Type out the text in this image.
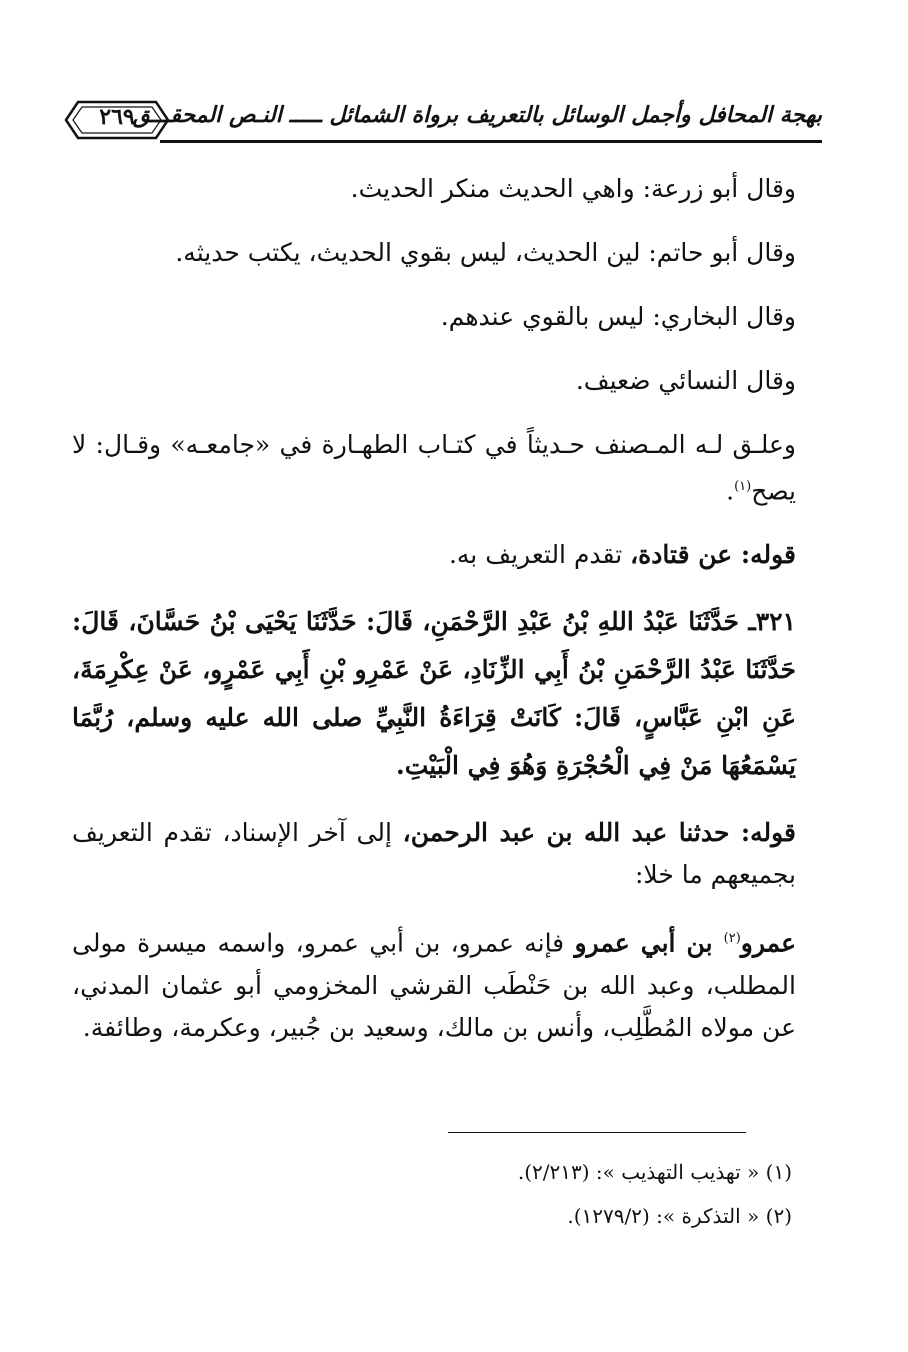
٢٦٩
بهجة المحافل وأجمل الوسائل بالتعريف برواة الشمائل ـــــ النـص المحقـــق

وقال أبو زرعة: واهي الحديث منكر الحديث.

وقال أبو حاتم: لين الحديث، ليس بقوي الحديث، يكتب حديثه.

وقال البخاري: ليس بالقوي عندهم.

وقال النسائي ضعيف.

وعلـق لـه المـصنف حـديثاً في كتـاب الطهـارة في «جامعـه» وقـال: لا يصح$^{(١)}$.

قوله: عن قتادة، تقدم التعريف به.

٣٢١ـ حَدَّثَنَا عَبْدُ اللهِ بْنُ عَبْدِ الرَّحْمَنِ، قَالَ: حَدَّثَنَا يَحْيَى بْنُ حَسَّانَ، قَالَ: حَدَّثَنَا عَبْدُ الرَّحْمَنِ بْنُ أَبِي الزِّنَادِ، عَنْ عَمْرِو بْنِ أَبِي عَمْرٍو، عَنْ عِكْرِمَةَ، عَنِ ابْنِ عَبَّاسٍ، قَالَ: كَانَتْ قِرَاءَةُ النَّبِيِّ صلى الله عليه وسلم، رُبَّمَا يَسْمَعُهَا مَنْ فِي الْحُجْرَةِ وَهُوَ فِي الْبَيْتِ.

قوله: حدثنا عبد الله بن عبد الرحمن، إلى آخر الإسناد، تقدم التعريف بجميعهم ما خلا:

عمرو$^{(٢)}$ بن أبي عمرو فإنه عمرو، بن أبي عمرو، واسمه ميسرة مولى المطلب، وعبد الله بن حَنْطَب القرشي المخزومي أبو عثمان المدني، عن مولاه المُطَّلِب، وأنس بن مالك، وسعيد بن جُبير، وعكرمة، وطائفة.

(١) « تهذيب التهذيب »: (٢/٢١٣).

(٢) « التذكرة »: (١٢٧٩/٢).
